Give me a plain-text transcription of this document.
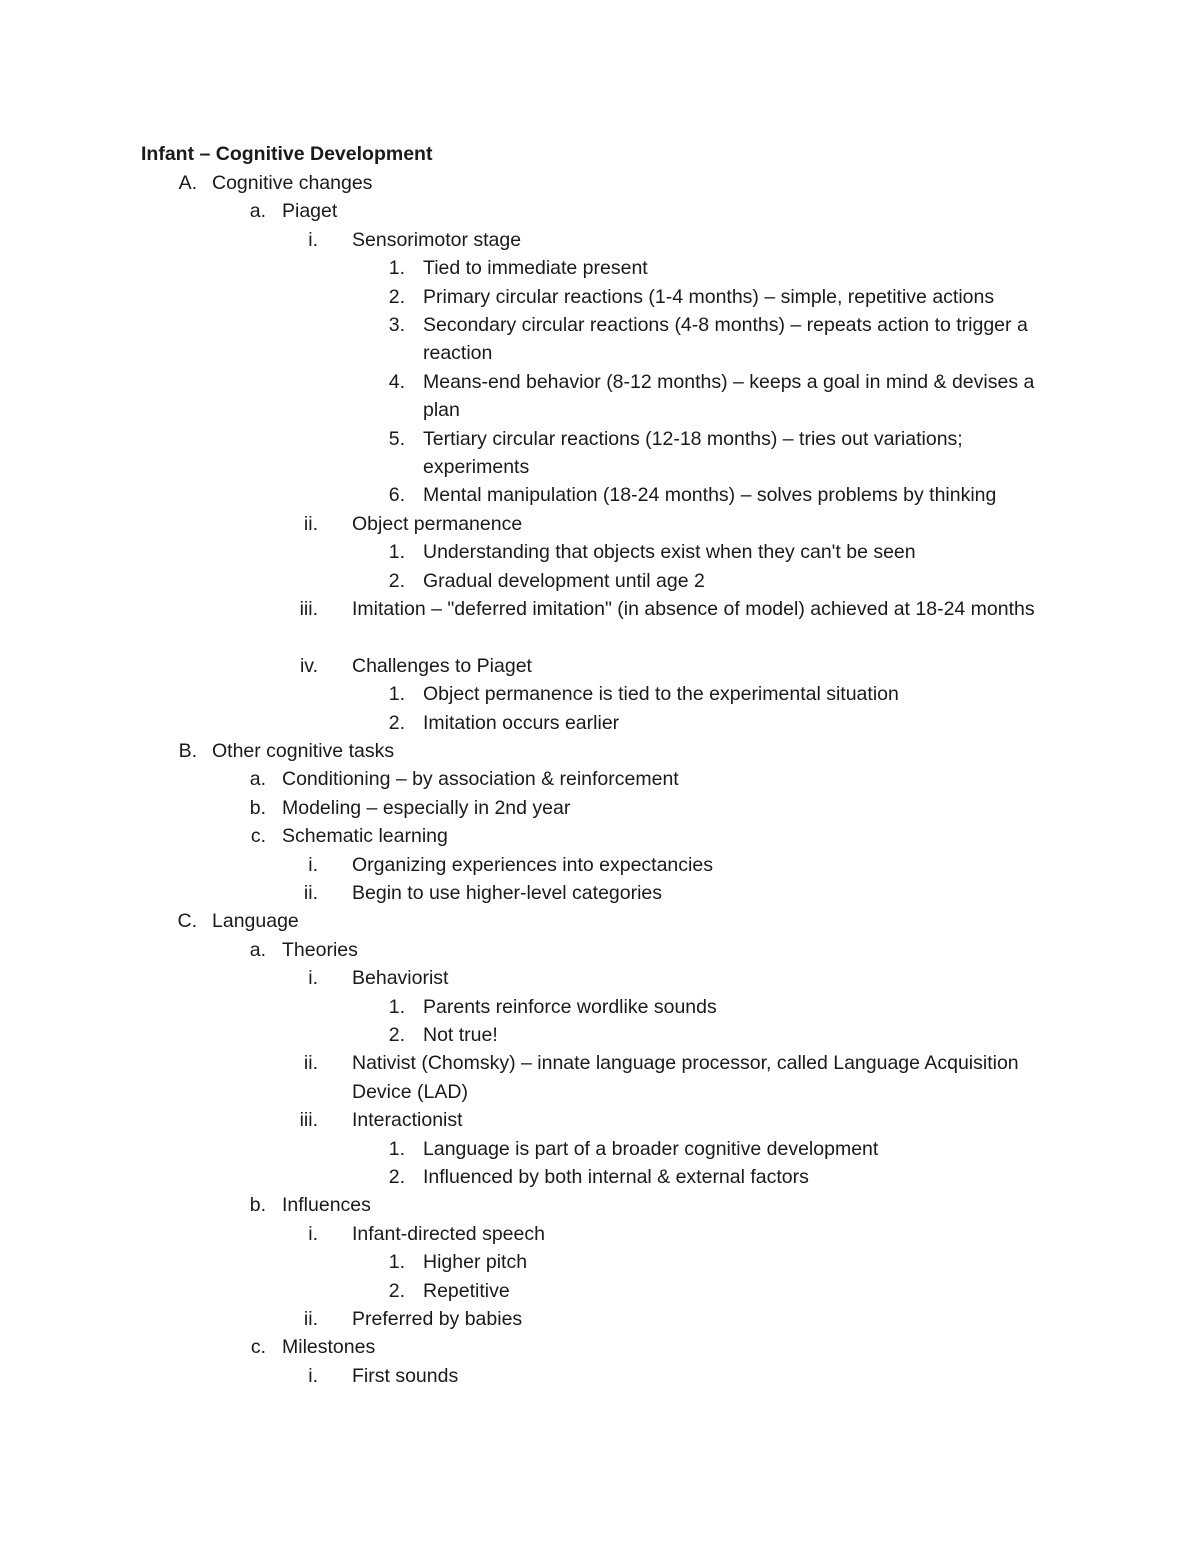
Infant – Cognitive Development
A. Cognitive changes
a. Piaget
i. Sensorimotor stage
1. Tied to immediate present
2. Primary circular reactions (1-4 months) – simple, repetitive actions
3. Secondary circular reactions (4-8 months) – repeats action to trigger a reaction
4. Means-end behavior (8-12 months) – keeps a goal in mind & devises a plan
5. Tertiary circular reactions (12-18 months) – tries out variations; experiments
6. Mental manipulation (18-24 months) – solves problems by thinking
ii. Object permanence
1. Understanding that objects exist when they can't be seen
2. Gradual development until age 2
iii. Imitation – "deferred imitation" (in absence of model) achieved at 18-24 months
iv. Challenges to Piaget
1. Object permanence is tied to the experimental situation
2. Imitation occurs earlier
B. Other cognitive tasks
a. Conditioning – by association & reinforcement
b. Modeling – especially in 2nd year
c. Schematic learning
i. Organizing experiences into expectancies
ii. Begin to use higher-level categories
C. Language
a. Theories
i. Behaviorist
1. Parents reinforce wordlike sounds
2. Not true!
ii. Nativist (Chomsky) – innate language processor, called Language Acquisition Device (LAD)
iii. Interactionist
1. Language is part of a broader cognitive development
2. Influenced by both internal & external factors
b. Influences
i. Infant-directed speech
1. Higher pitch
2. Repetitive
ii. Preferred by babies
c. Milestones
i. First sounds
